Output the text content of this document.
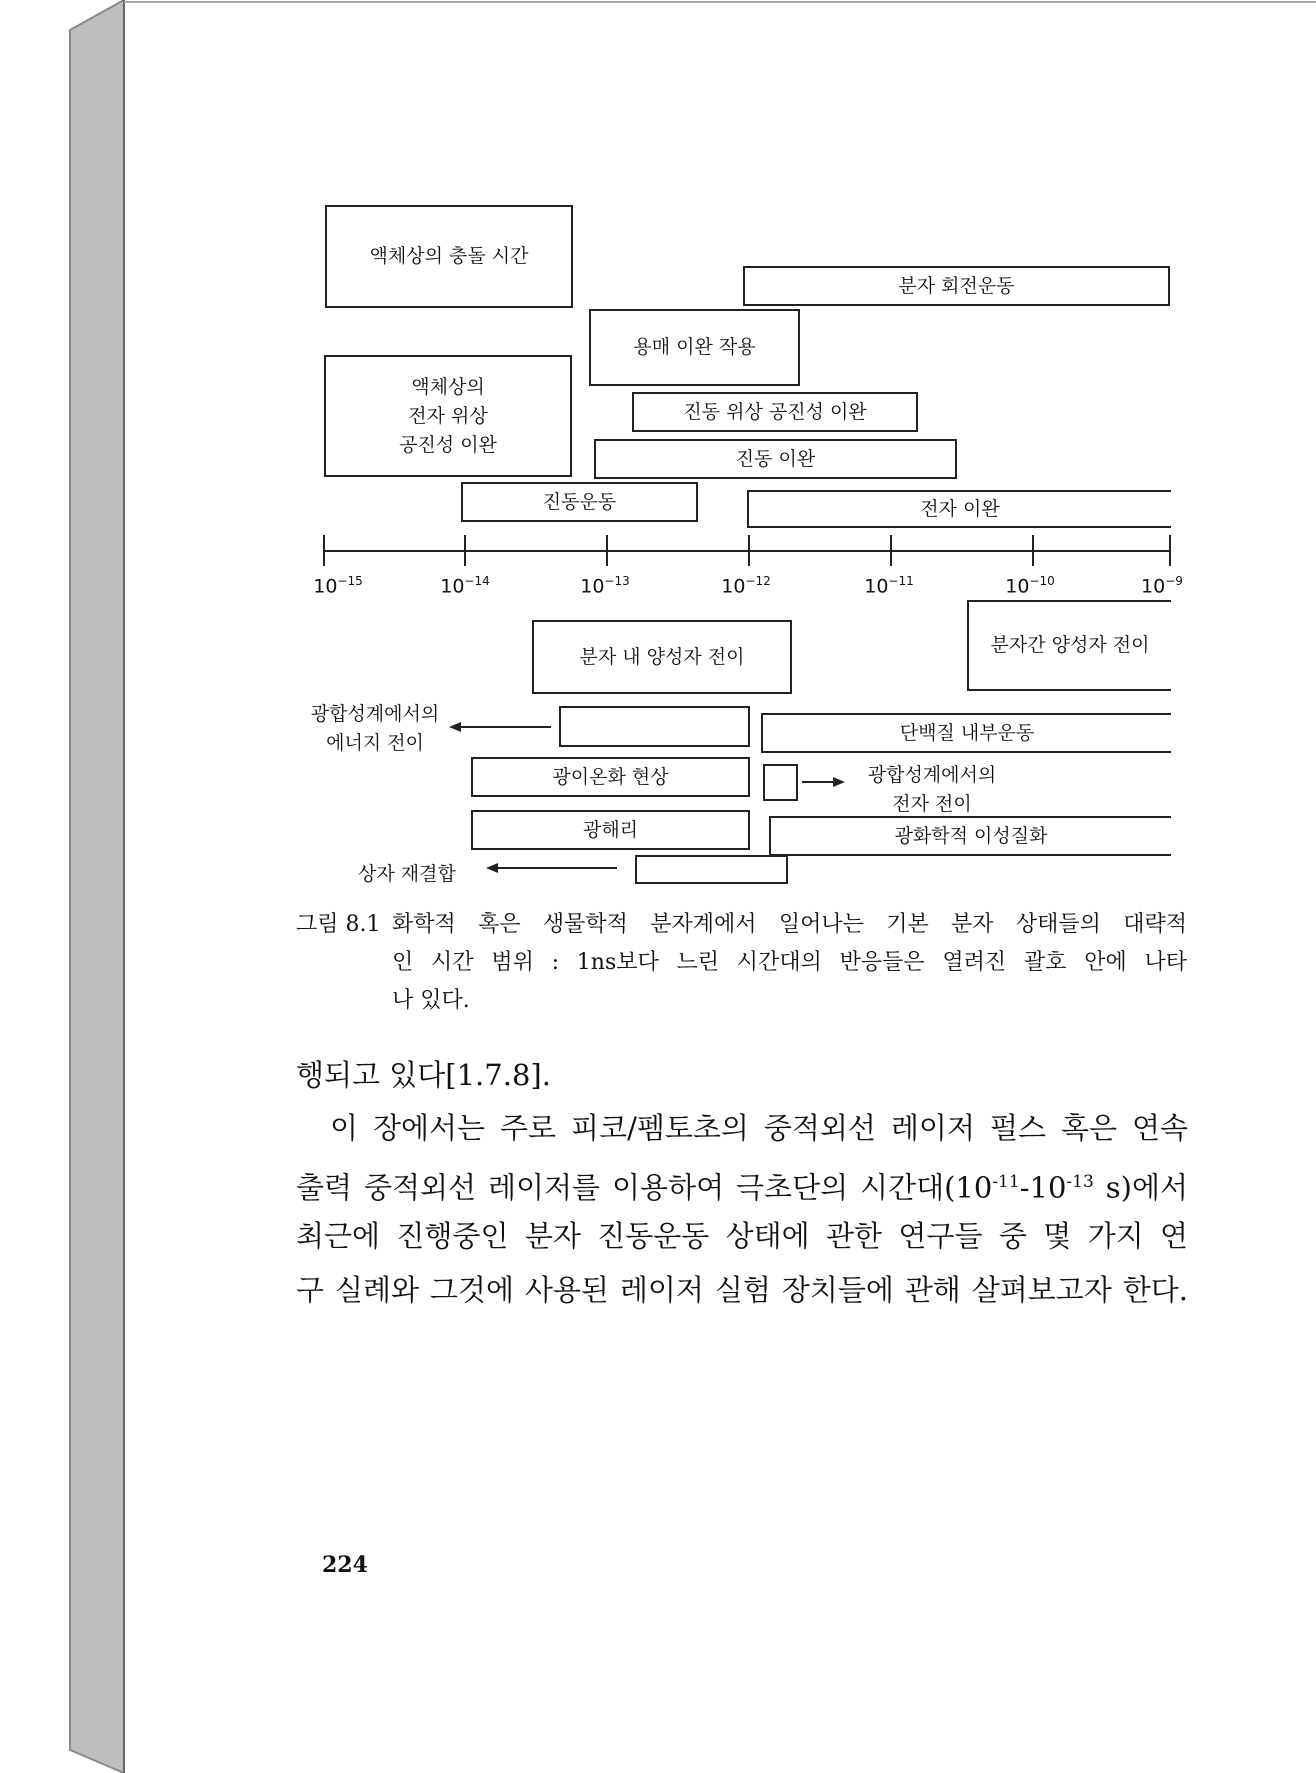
액체상의 충돌 시간
분자 회전운동
용매 이완 작용
액체상의
전자 위상
공진성 이완
진동 위상 공진성 이완
진동 이완
진동운동	전자 이완
$10^{-15}$	$10^{-14}$	$10^{-13}$	$10^{-12}$	$10^{-11}$	$10^{-10}$	$10^{-9}$
분자 내 양성자 전이
분자간 양성자 전이
광합성계에서의
에너지 전이	단백질 내부운동
광이온화 현상	광합성계에서의
전자 전이
광해리	광화학적 이성질화
상자 재결합
그림 8.1 화학적 혹은 생물학적 분자계에서 일어나는 기본 분자 상태들의 대략적
인 시간 범위 : 1ns보다 느린 시간대의 반응들은 열려진 괄호 안에 나타
나 있다.
행되고 있다[1.7.8].
이 장에서는 주로 피코/펨토초의 중적외선 레이저 펄스 혹은 연속
출력 중적외선 레이저를 이용하여 극초단의 시간대($10^{-11}-10^{-13}$ s)에서
최근에 진행중인 분자 진동운동 상태에 관한 연구들 중 몇 가지 연
구 실례와 그것에 사용된 레이저 실험 장치들에 관해 살펴보고자 한다.
224
